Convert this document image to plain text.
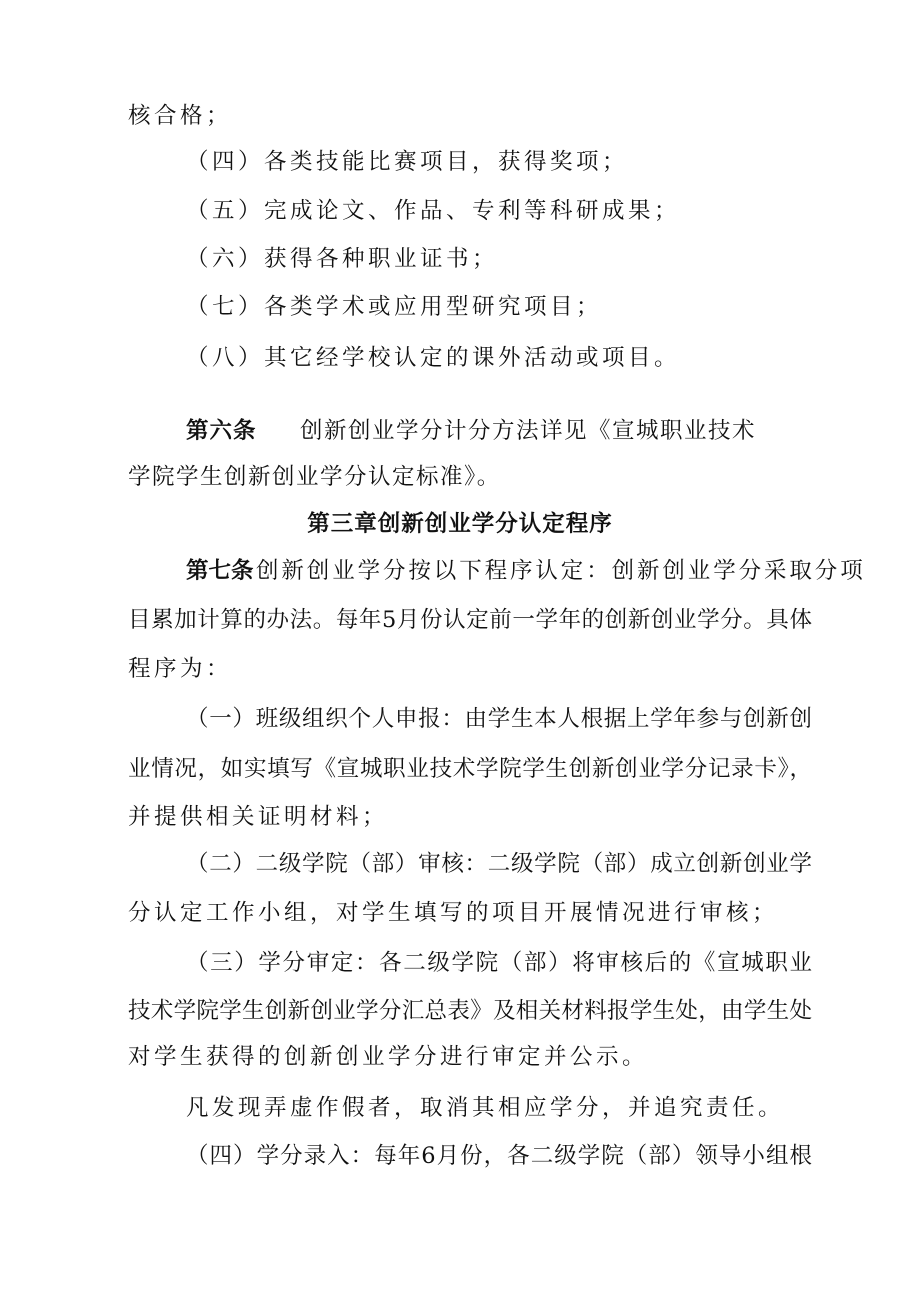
核合格；
（四）各类技能比赛项目，获得奖项；
（五）完成论文、作品、专利等科研成果；
（六）获得各种职业证书；
（七）各类学术或应用型研究项目；
（八）其它经学校认定的课外活动或项目。
第六条 创新创业学分计分方法详见《宣城职业技术
学院学生创新创业学分认定标准》。
第三章创新创业学分认定程序
第七条 创新创业学分按以下程序认定：创新创业学分采取分项
目累加计算的办法。每年5月份认定前一学年的创新创业学分。具体
程序为：
（一）班级组织个人申报：由学生本人根据上学年参与创新创
业情况，如实填写《宣城职业技术学院学生创新创业学分记录卡》，
并提供相关证明材料；
（二）二级学院（部）审核：二级学院（部）成立创新创业学
分认定工作小组，对学生填写的项目开展情况进行审核；
（三）学分审定：各二级学院（部）将审核后的《宣城职业
技术学院学生创新创业学分汇总表》及相关材料报学生处，由学生处
对学生获得的创新创业学分进行审定并公示。
凡发现弄虚作假者，取消其相应学分，并追究责任。
（四）学分录入：每年6月份，各二级学院（部）领导小组根
